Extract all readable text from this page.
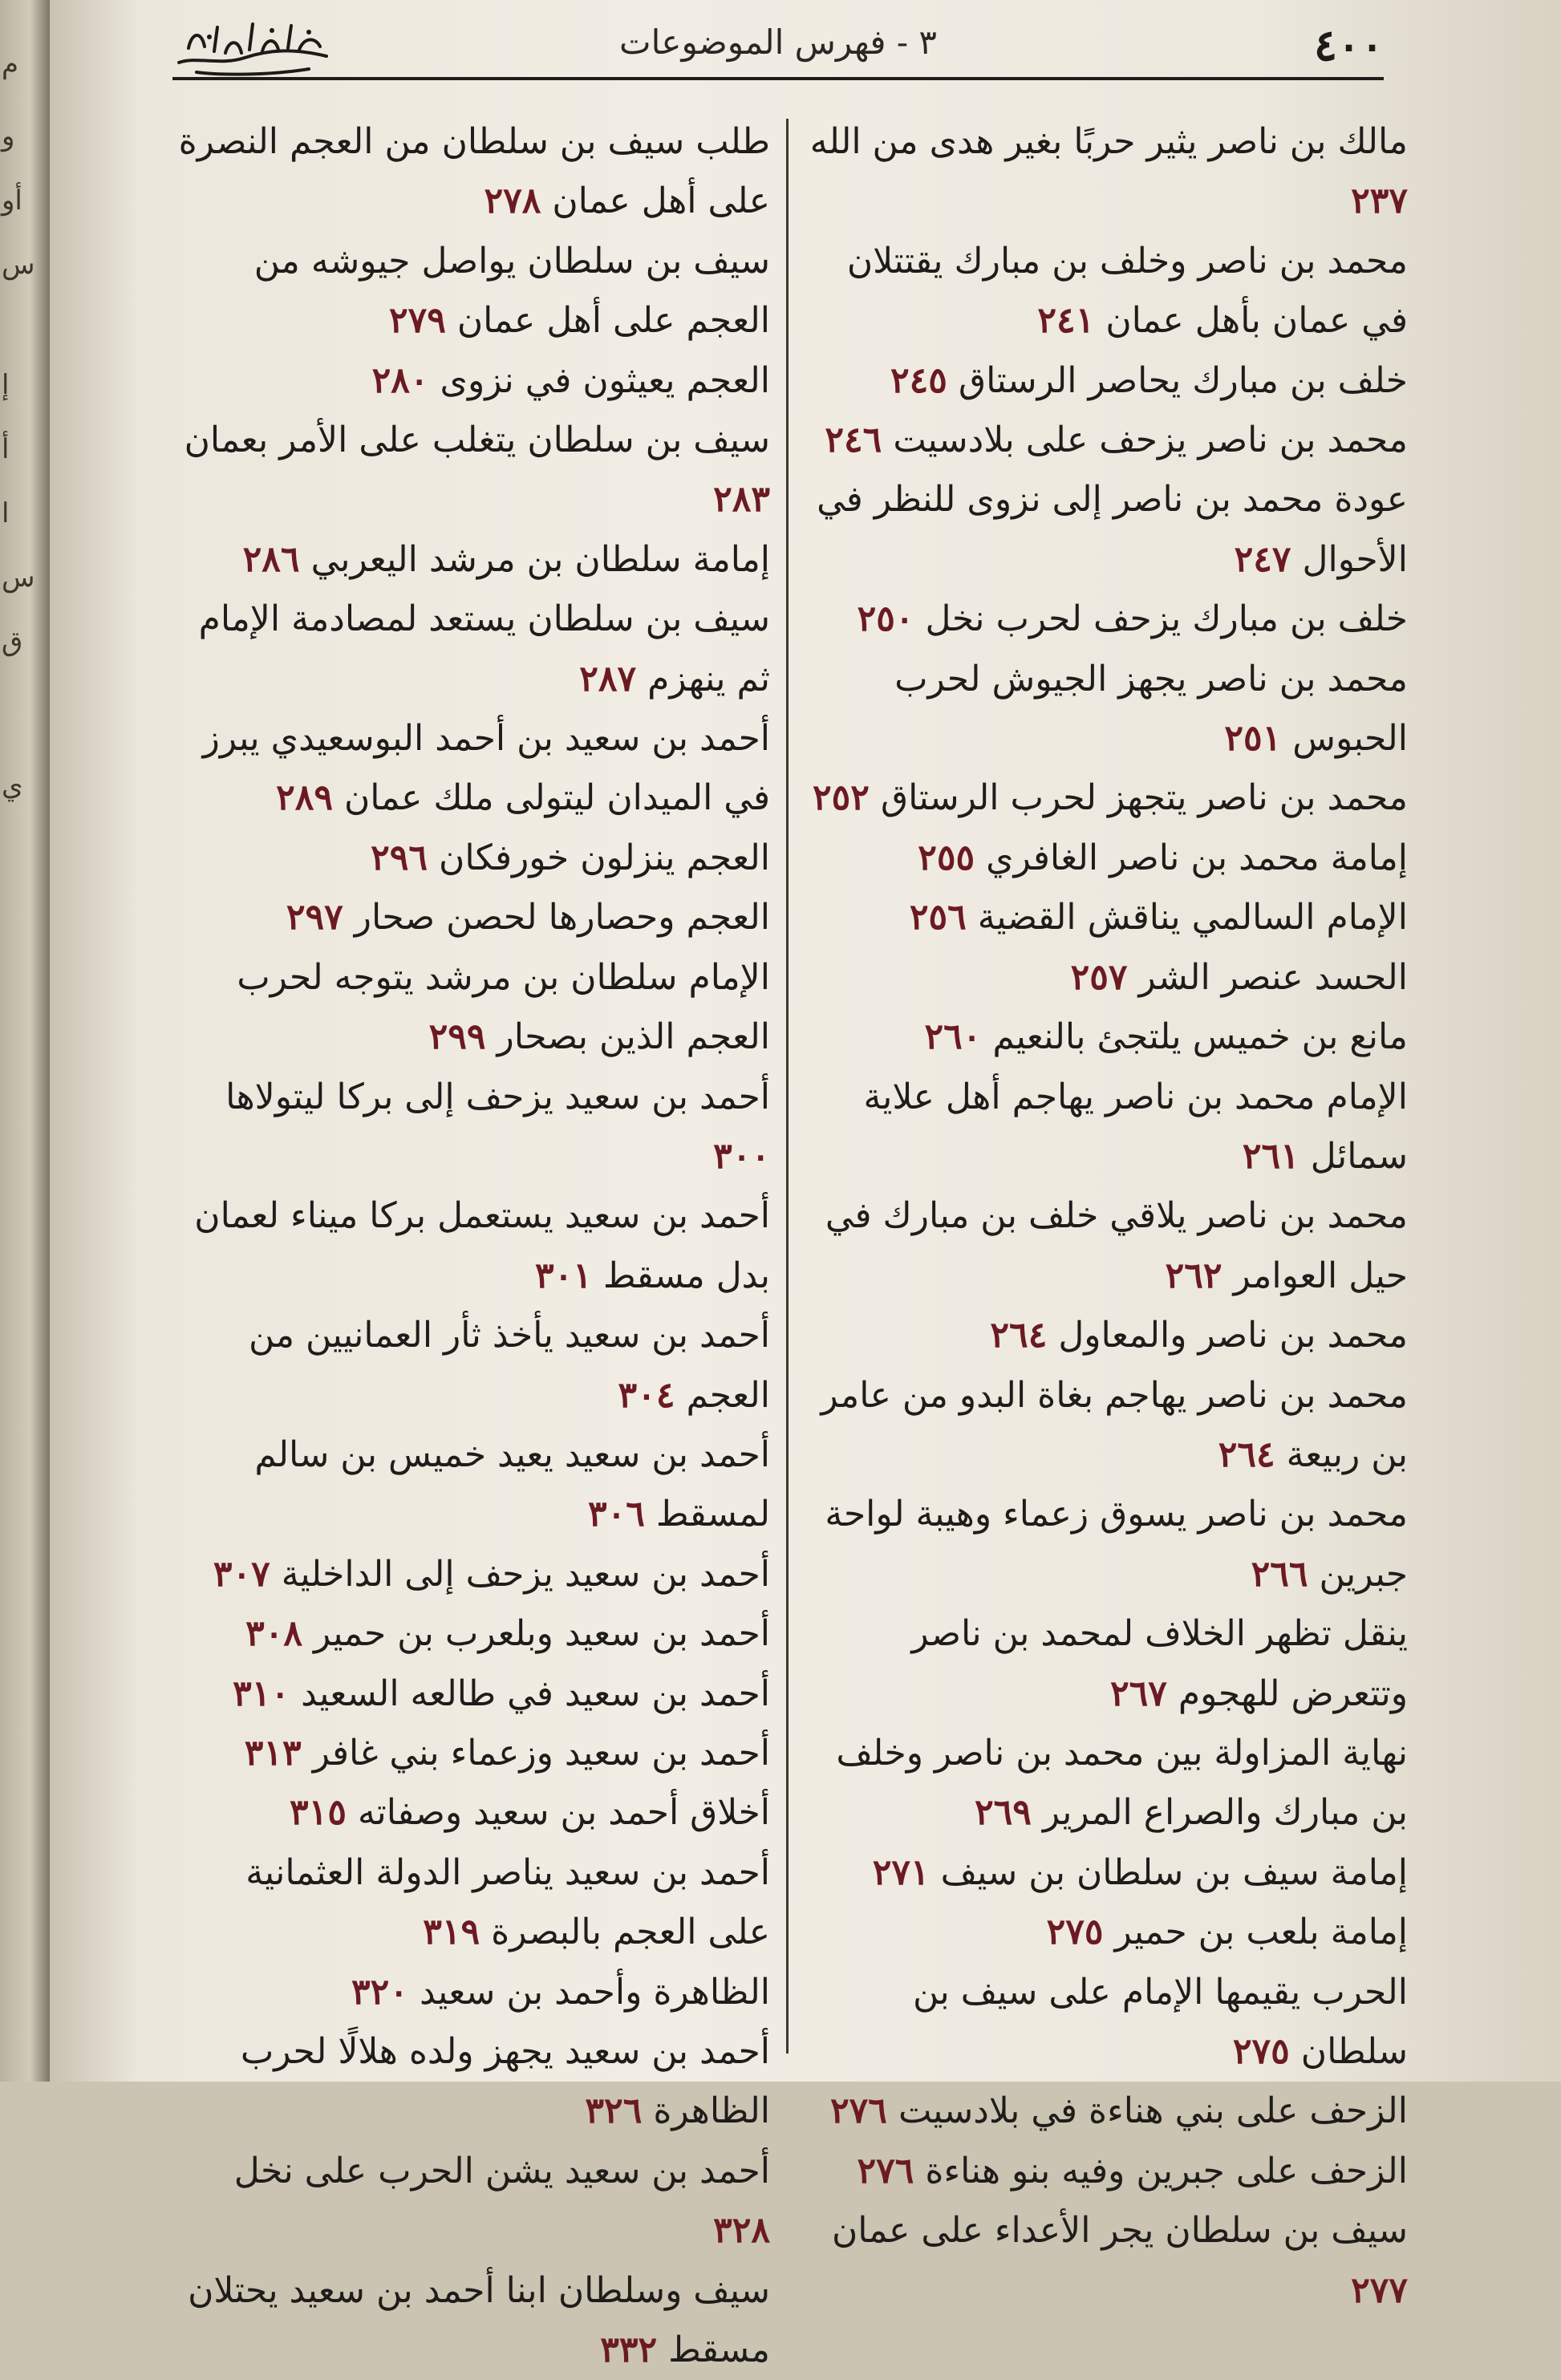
م
و
أو
س
إ
أ
ا
س
ق
ي
٤٠٠
٣ - فهرس الموضوعات

مالك بن ناصر يثير حربًا بغير هدى من الله ٢٣٧

محمد بن ناصر وخلف بن مبارك يقتتلان في عمان بأهل عمان ٢٤١

خلف بن مبارك يحاصر الرستاق ٢٤٥

محمد بن ناصر يزحف على بلادسيت ٢٤٦

عودة محمد بن ناصر إلى نزوى للنظر في الأحوال ٢٤٧

خلف بن مبارك يزحف لحرب نخل ٢٥٠

محمد بن ناصر يجهز الجيوش لحرب الحبوس ٢٥١

محمد بن ناصر يتجهز لحرب الرستاق ٢٥٢

إمامة محمد بن ناصر الغافري ٢٥٥

الإمام السالمي يناقش القضية ٢٥٦

الحسد عنصر الشر ٢٥٧

مانع بن خميس يلتجئ بالنعيم ٢٦٠

الإمام محمد بن ناصر يهاجم أهل علاية سمائل ٢٦١

محمد بن ناصر يلاقي خلف بن مبارك في حيل العوامر ٢٦٢

محمد بن ناصر والمعاول ٢٦٤

محمد بن ناصر يهاجم بغاة البدو من عامر بن ربيعة ٢٦٤

محمد بن ناصر يسوق زعماء وهيبة لواحة جبرين ٢٦٦

ينقل تظهر الخلاف لمحمد بن ناصر وتتعرض للهجوم ٢٦٧

نهاية المزاولة بين محمد بن ناصر وخلف بن مبارك والصراع المرير ٢٦٩

إمامة سيف بن سلطان بن سيف ٢٧١

إمامة بلعب بن حمير ٢٧٥

الحرب يقيمها الإمام على سيف بن سلطان ٢٧٥

الزحف على بني هناءة في بلادسيت ٢٧٦

الزحف على جبرين وفيه بنو هناءة ٢٧٦

سيف بن سلطان يجر الأعداء على عمان ٢٧٧

طلب سيف بن سلطان من العجم النصرة على أهل عمان ٢٧٨

سيف بن سلطان يواصل جيوشه من العجم على أهل عمان ٢٧٩

العجم يعيثون في نزوى ٢٨٠

سيف بن سلطان يتغلب على الأمر بعمان ٢٨٣

إمامة سلطان بن مرشد اليعربي ٢٨٦

سيف بن سلطان يستعد لمصادمة الإمام ثم ينهزم ٢٨٧

أحمد بن سعيد بن أحمد البوسعيدي يبرز في الميدان ليتولى ملك عمان ٢٨٩

العجم ينزلون خورفكان ٢٩٦

العجم وحصارها لحصن صحار ٢٩٧

الإمام سلطان بن مرشد يتوجه لحرب العجم الذين بصحار ٢٩٩

أحمد بن سعيد يزحف إلى بركا ليتولاها ٣٠٠

أحمد بن سعيد يستعمل بركا ميناء لعمان بدل مسقط ٣٠١

أحمد بن سعيد يأخذ ثأر العمانيين من العجم ٣٠٤

أحمد بن سعيد يعيد خميس بن سالم لمسقط ٣٠٦

أحمد بن سعيد يزحف إلى الداخلية ٣٠٧

أحمد بن سعيد وبلعرب بن حمير ٣٠٨

أحمد بن سعيد في طالعه السعيد ٣١٠

أحمد بن سعيد وزعماء بني غافر ٣١٣

أخلاق أحمد بن سعيد وصفاته ٣١٥

أحمد بن سعيد يناصر الدولة العثمانية على العجم بالبصرة ٣١٩

الظاهرة وأحمد بن سعيد ٣٢٠

أحمد بن سعيد يجهز ولده هلالًا لحرب الظاهرة ٣٢٦

أحمد بن سعيد يشن الحرب على نخل ٣٢٨

سيف وسلطان ابنا أحمد بن سعيد يحتلان مسقط ٣٣٢
